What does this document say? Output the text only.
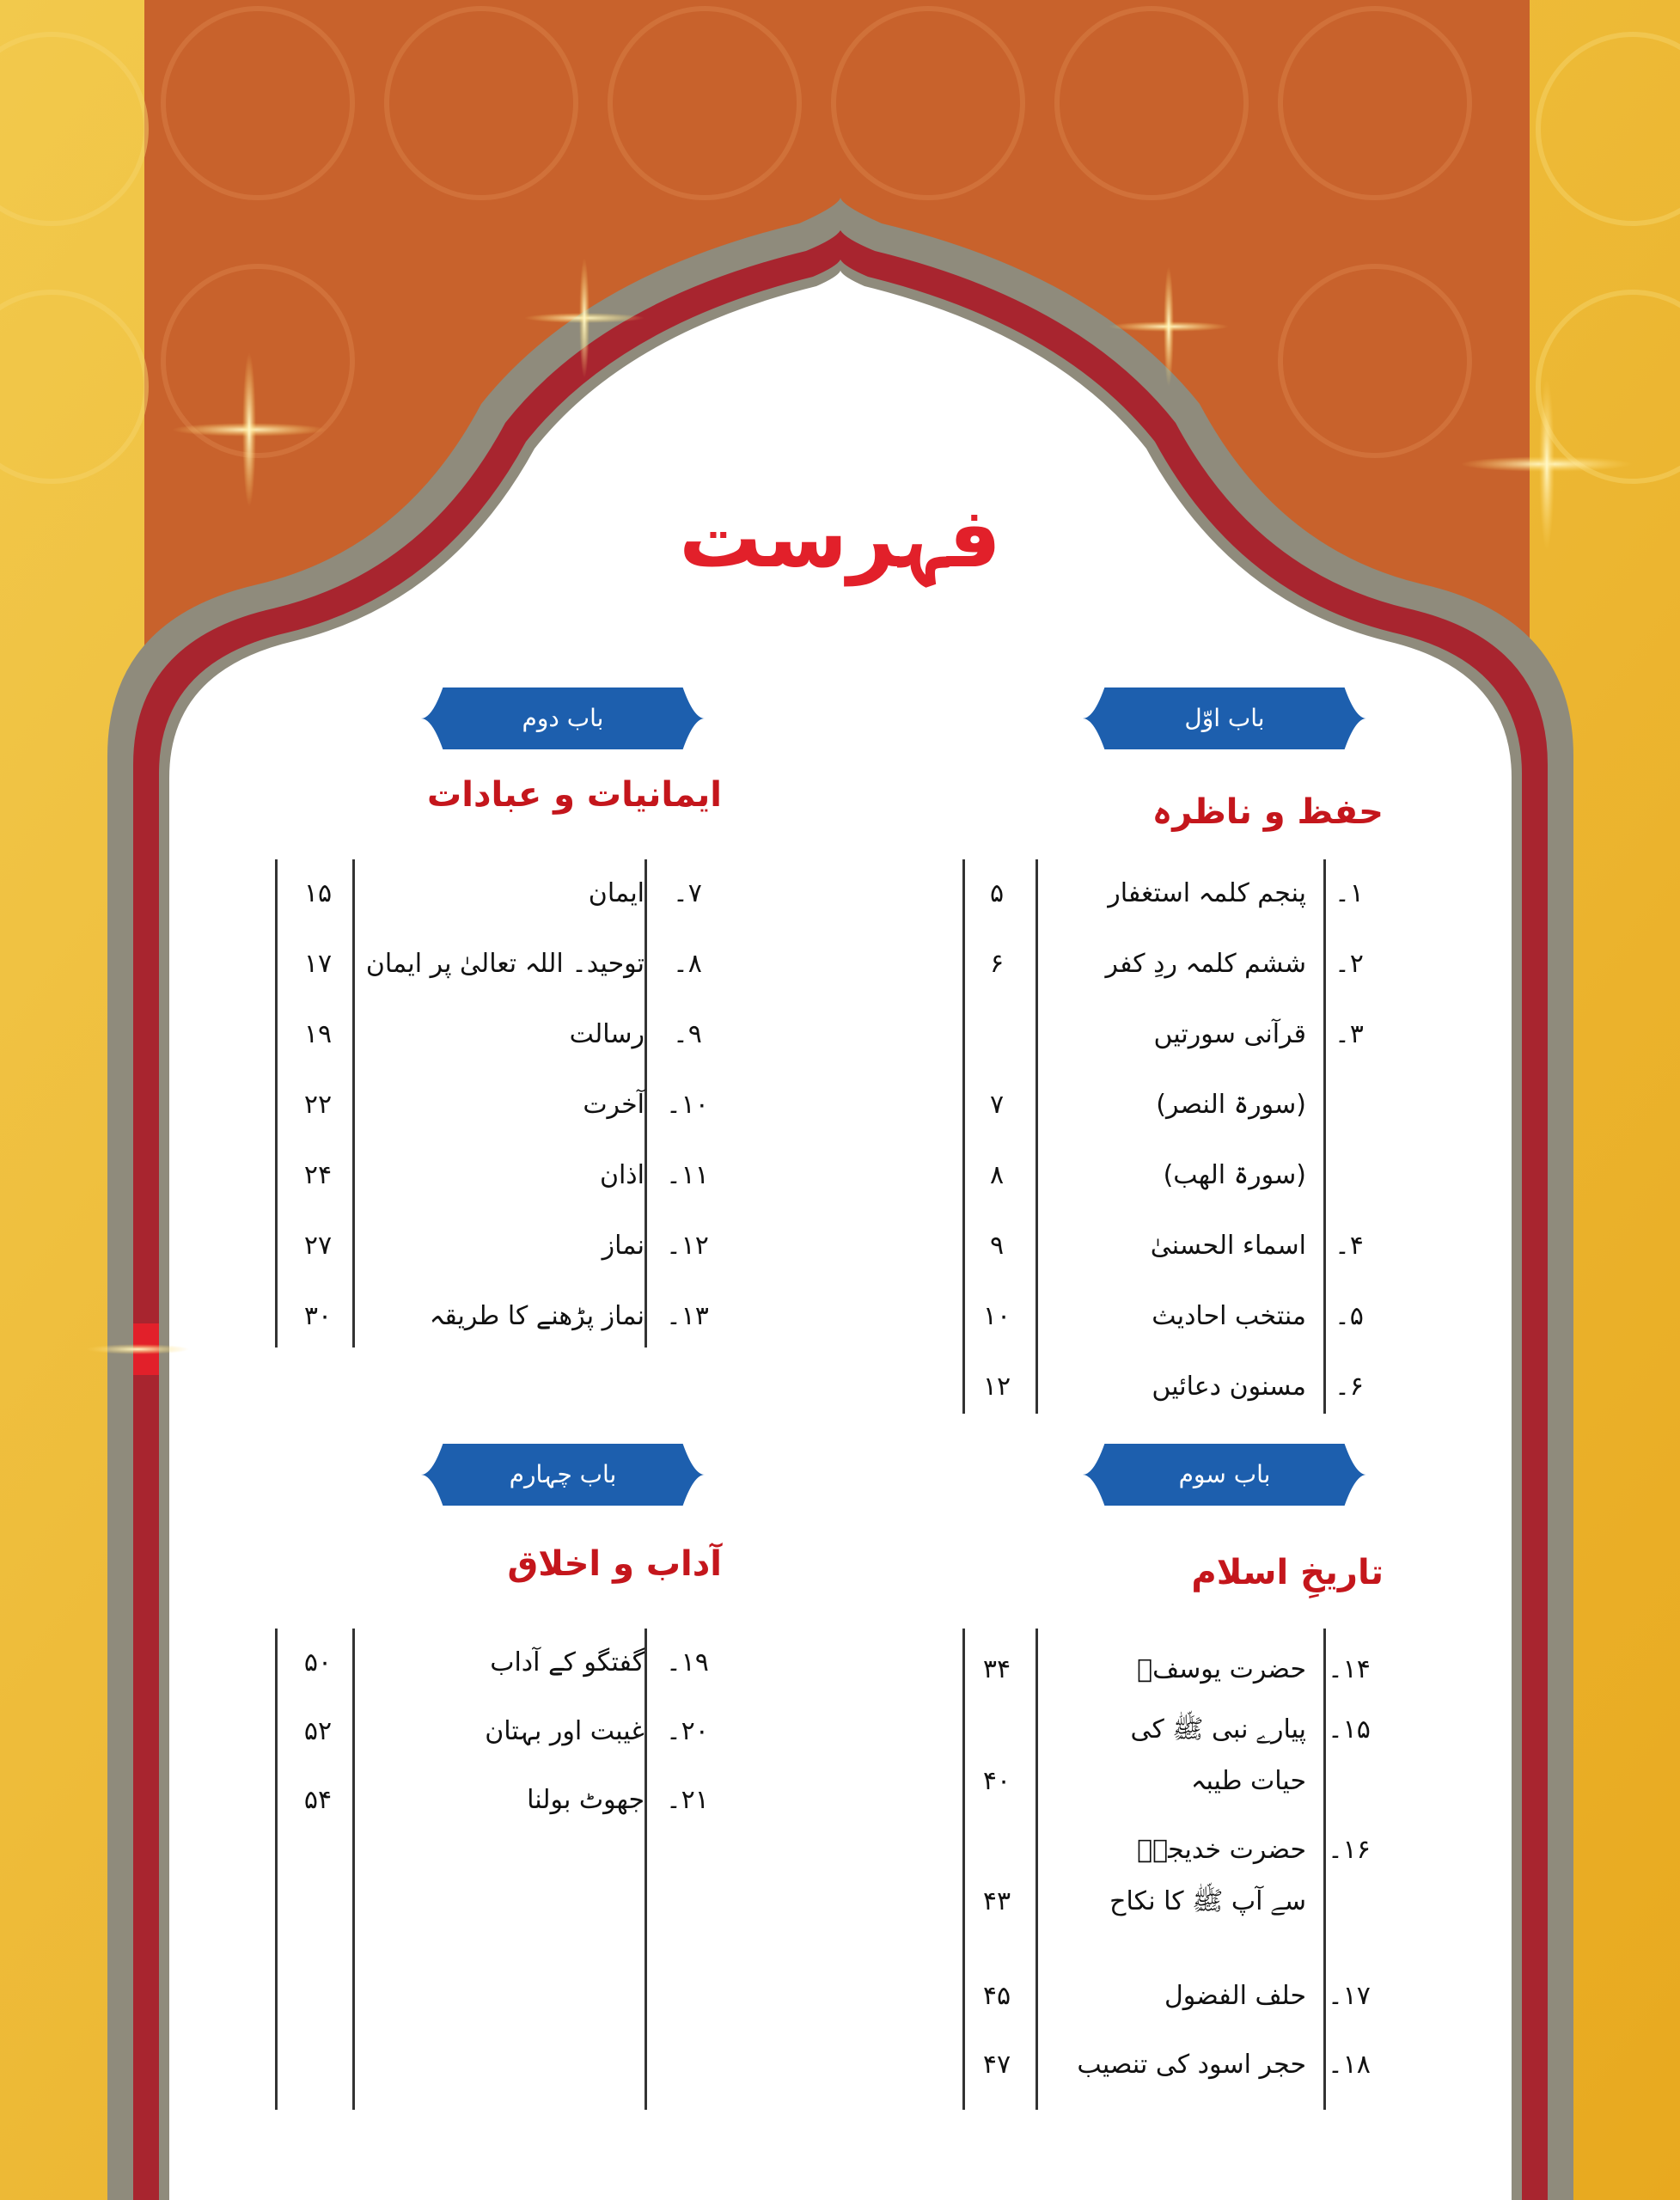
فہرست
باب اوّل
حفظ و ناظرہ
۱۔
پنجم کلمہ استغفار
۵
۲۔
ششم کلمہ ردِ کفر
۶
۳۔
قرآنی سورتیں
(سورۃ النصر)
۷
(سورۃ الھب)
۸
۴۔
اسماء الحسنیٰ
۹
۵۔
منتخب احادیث
۱۰
۶۔
مسنون دعائیں
۱۲
باب دوم
ایمانیات و عبادات
۷۔
ایمان
۱۵
۸۔
توحید۔ اللہ تعالیٰ پر ایمان
۱۷
۹۔
رسالت
۱۹
۱۰۔
آخرت
۲۲
۱۱۔
اذان
۲۴
۱۲۔
نماز
۲۷
۱۳۔
نماز پڑھنے کا طریقہ
۳۰
باب سوم
تاریخِ اسلام
۱۴۔
حضرت یوسفؑ
۳۴
۱۵۔
پیارے نبی ﷺ کی
حیات طیبہ
۴۰
۱۶۔
حضرت خدیجہؓ
سے آپ ﷺ کا نکاح
۴۳
۱۷۔
حلف الفضول
۴۵
۱۸۔
حجر اسود کی تنصیب
۴۷
باب چہارم
آداب و اخلاق
۱۹۔
گفتگو کے آداب
۵۰
۲۰۔
غیبت اور بہتان
۵۲
۲۱۔
جھوٹ بولنا
۵۴
